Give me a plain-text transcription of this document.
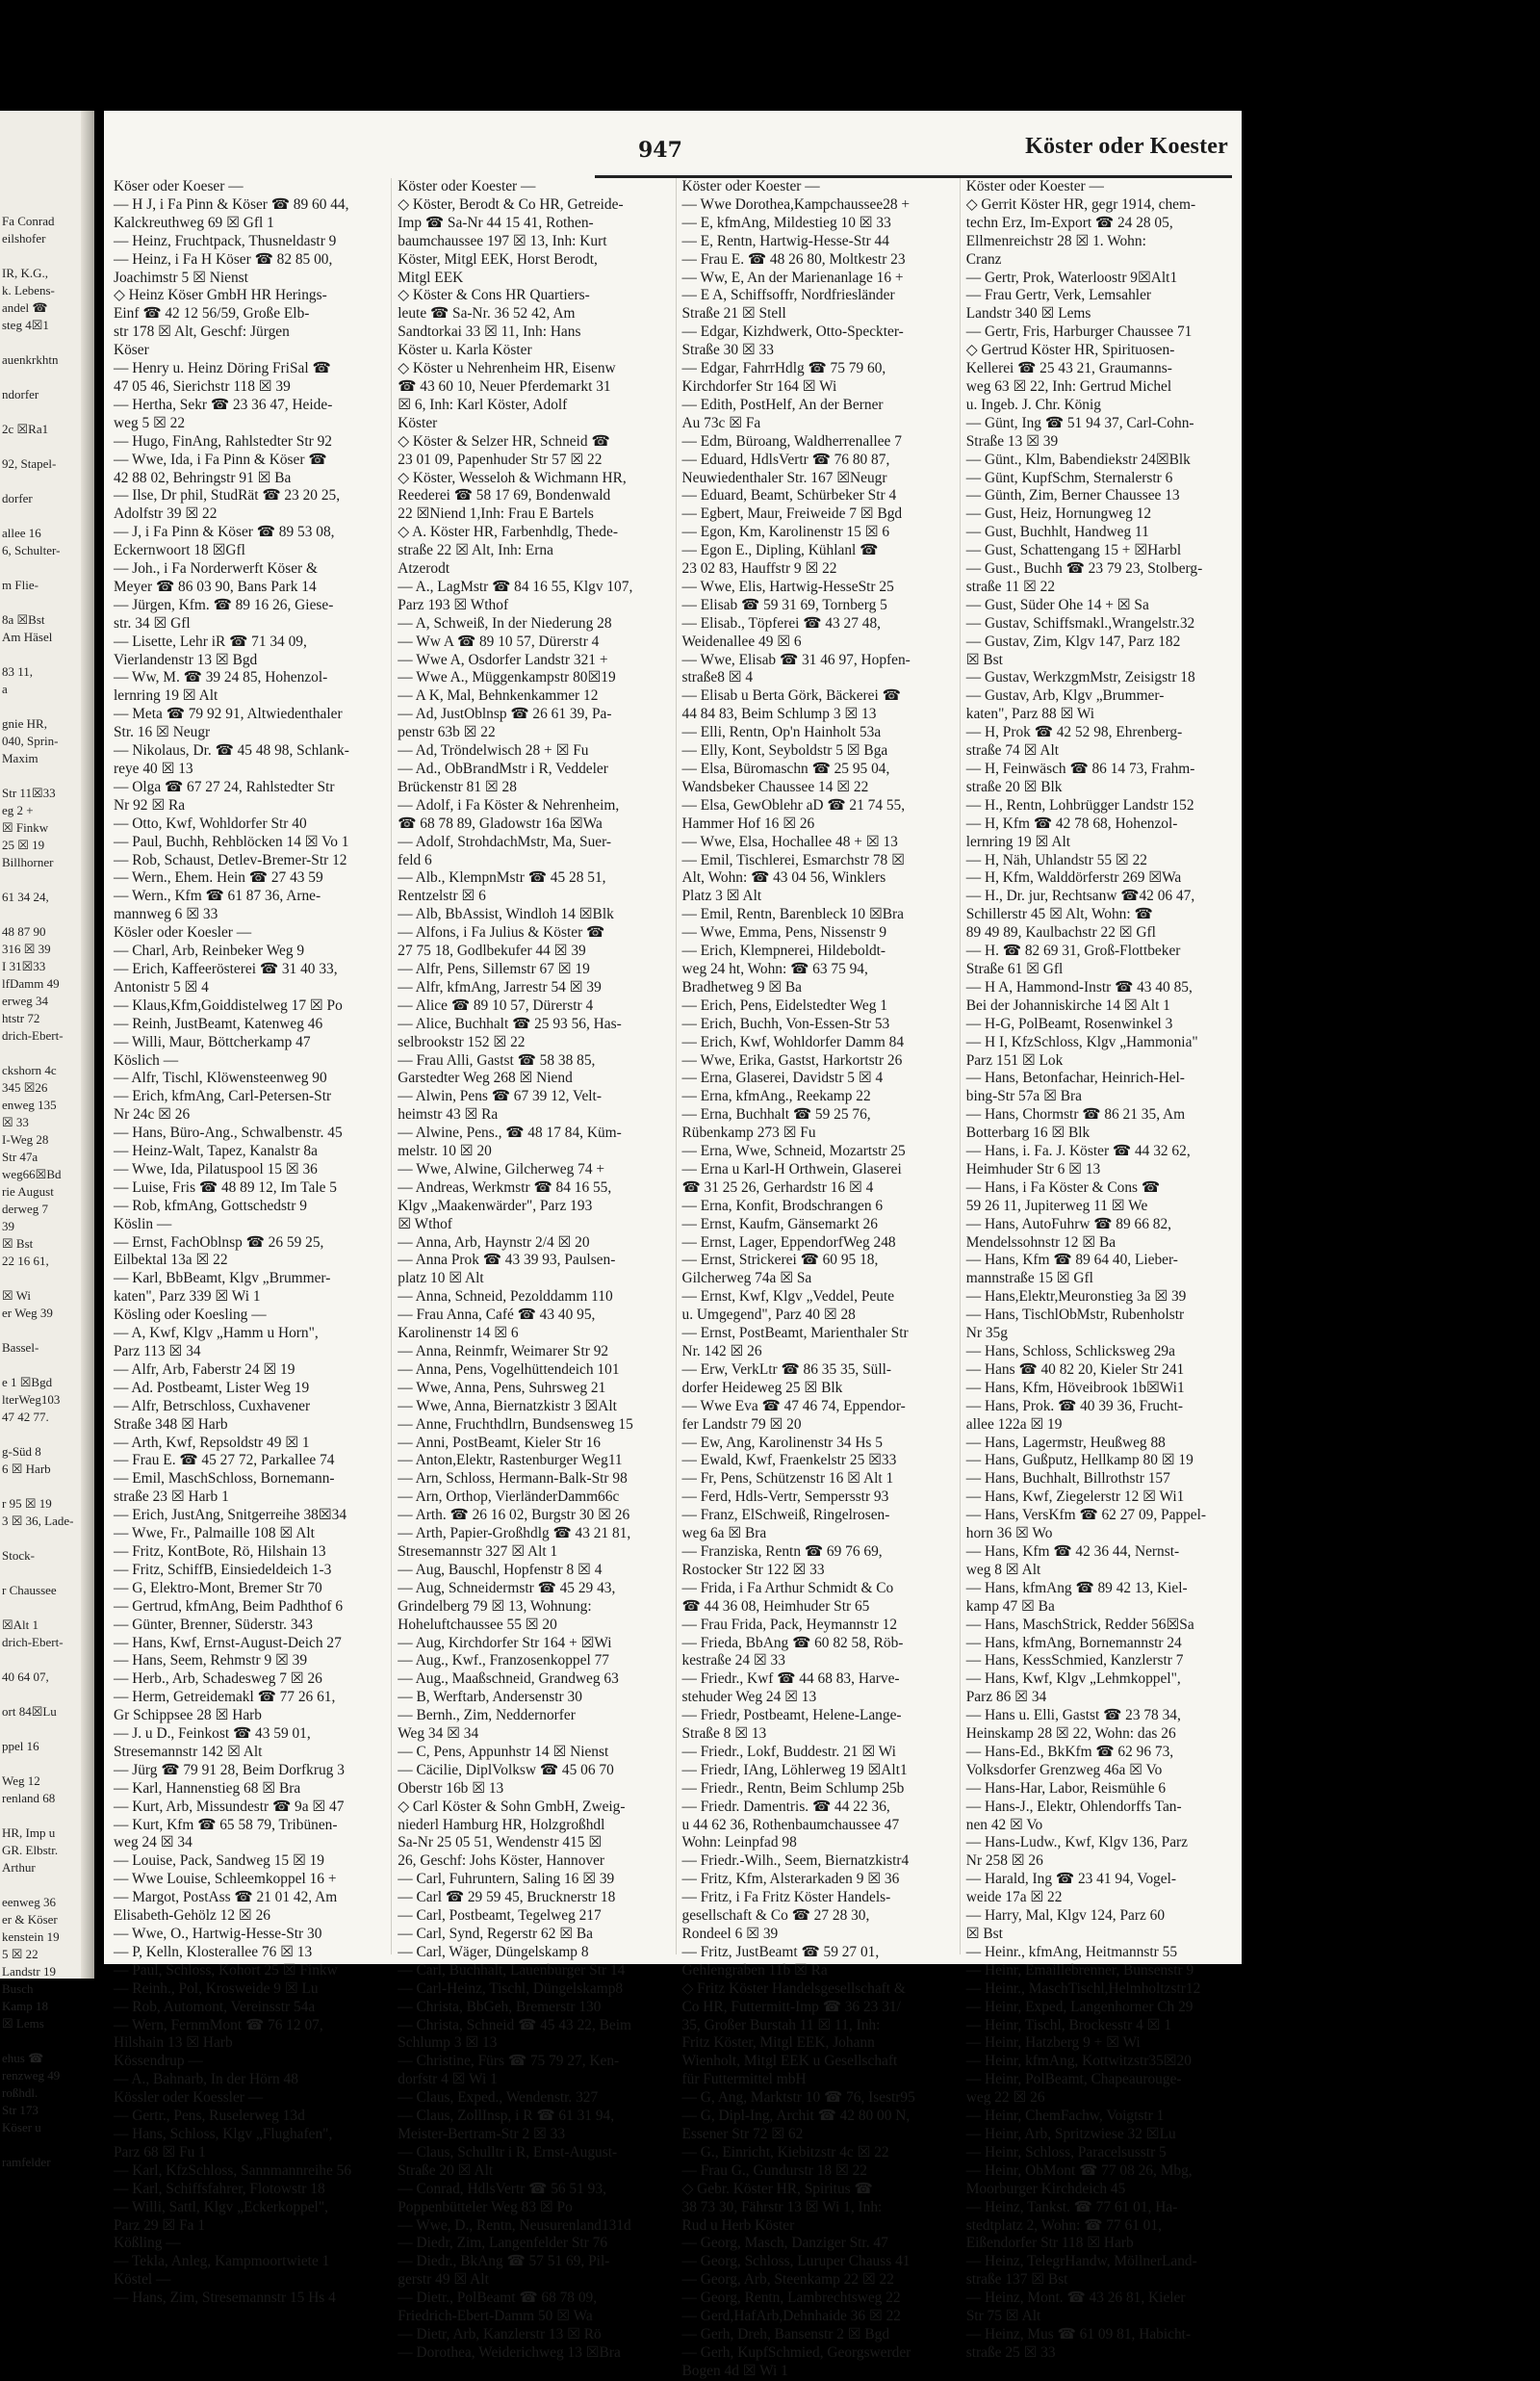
Fa Conrad
eilshofer

IR, K.G.,
k. Lebens-
andel ☎
steg 4☒1

auenkrkhtn

ndorfer

2c ☒Ra1

92, Stapel-

dorfer

allee 16
6, Schulter-

m Flie-

8a ☒Bst
Am Häsel

83 11,
a

gnie HR,
040, Sprin-
Maxim

Str 11☒33
eg 2 +
☒ Finkw
25 ☒ 19
Billhorner

61 34 24,

48 87 90
316 ☒ 39
I 31☒33
lfDamm 49
erweg 34
htstr 72
drich-Ebert-

ckshorn 4c
345 ☒26
enweg 135
☒ 33
I-Weg 28
Str 47a
weg66☒Bd
rie August
derweg 7
39
☒ Bst
22 16 61,

☒ Wi
er Weg 39

Bassel-

e 1 ☒Bgd
lterWeg103
47 42 77.

g-Süd 8
6 ☒ Harb

r 95 ☒ 19
3 ☒ 36, Lade-

Stock-

r Chaussee

☒Alt 1
drich-Ebert-

40 64 07,

ort 84☒Lu

ppel 16

Weg 12
renland 68

HR, Imp u
GR. Elbstr.
Arthur

eenweg 36
er & Köser
kenstein 19
5 ☒ 22
Landstr 19
Busch
Kamp 18
☒ Lems

ehus ☎
renzweg 49
roßhdl.
Str 173
Köser u

ramfelder
947	Köster oder Koester
Köser oder Koeser —
— H J, i Fa Pinn & Köser ☎ 89 60 44,
Kalckreuthweg 69 ☒ Gfl 1
— Heinz, Fruchtpack, Thusneldastr 9
— Heinz, i Fa H Köser ☎ 82 85 00,
Joachimstr 5 ☒ Nienst
◇ Heinz Köser GmbH HR Herings-
Einf ☎ 42 12 56/59, Große Elb-
str 178 ☒ Alt, Geschf: Jürgen
Köser
— Henry u. Heinz Döring FriSal ☎
47 05 46, Sierichstr 118 ☒ 39
— Hertha, Sekr ☎ 23 36 47, Heide-
weg 5 ☒ 22
— Hugo, FinAng, Rahlstedter Str 92
— Wwe, Ida, i Fa Pinn & Köser ☎
42 88 02, Behringstr 91 ☒ Ba
— Ilse, Dr phil, StudRät ☎ 23 20 25,
Adolfstr 39 ☒ 22
— J, i Fa Pinn & Köser ☎ 89 53 08,
Eckernwoort 18 ☒Gfl
— Joh., i Fa Norderwerft Köser &
Meyer ☎ 86 03 90, Bans Park 14
— Jürgen, Kfm. ☎ 89 16 26, Giese-
str. 34 ☒ Gfl
— Lisette, Lehr iR ☎ 71 34 09,
Vierlandenstr 13 ☒ Bgd
— Ww, M. ☎ 39 24 85, Hohenzol-
lernring 19 ☒ Alt
— Meta ☎ 79 92 91, Altwiedenthaler
Str. 16 ☒ Neugr
— Nikolaus, Dr. ☎ 45 48 98, Schlank-
reye 40 ☒ 13
— Olga ☎ 67 27 24, Rahlstedter Str
Nr 92 ☒ Ra
— Otto, Kwf, Wohldorfer Str 40
— Paul, Buchh, Rehblöcken 14 ☒ Vo 1
— Rob, Schaust, Detlev-Bremer-Str 12
— Wern., Ehem. Hein ☎ 27 43 59
— Wern., Kfm ☎ 61 87 36, Arne-
mannweg 6 ☒ 33
Kösler oder Koesler —
— Charl, Arb, Reinbeker Weg 9
— Erich, Kaffeerösterei ☎ 31 40 33,
Antonistr 5 ☒ 4
— Klaus,Kfm,Goiddistelweg 17 ☒ Po
— Reinh, JustBeamt, Katenweg 46
— Willi, Maur, Böttcherkamp 47
Köslich —
— Alfr, Tischl, Klöwensteenweg 90
— Erich, kfmAng, Carl-Petersen-Str
Nr 24c ☒ 26
— Hans, Büro-Ang., Schwalbenstr. 45
— Heinz-Walt, Tapez, Kanalstr 8a
— Wwe, Ida, Pilatuspool 15 ☒ 36
— Luise, Fris ☎ 48 89 12, Im Tale 5
— Rob, kfmAng, Gottschedstr 9
Köslin —
— Ernst, FachOblnsp ☎ 26 59 25,
Eilbektal 13a ☒ 22
— Karl, BbBeamt, Klgv „Brummer-
katen", Parz 339 ☒ Wi 1
Kösling oder Koesling —
— A, Kwf, Klgv „Hamm u Horn",
Parz 113 ☒ 34
— Alfr, Arb, Faberstr 24 ☒ 19
— Ad. Postbeamt, Lister Weg 19
— Alfr, Betrschloss, Cuxhavener
Straße 348 ☒ Harb
— Arth, Kwf, Repsoldstr 49 ☒ 1
— Frau E. ☎ 45 27 72, Parkallee 74
— Emil, MaschSchloss, Bornemann-
straße 23 ☒ Harb 1
— Erich, JustAng, Snitgerreihe 38☒34
— Wwe, Fr., Palmaille 108 ☒ Alt
— Fritz, KontBote, Rö, Hilshain 13
— Fritz, SchiffB, Einsiedeldeich 1-3
— G, Elektro-Mont, Bremer Str 70
— Gertrud, kfmAng, Beim Padhthof 6
— Günter, Brenner, Süderstr. 343
— Hans, Kwf, Ernst-August-Deich 27
— Hans, Seem, Rehmstr 9 ☒ 39
— Herb., Arb, Schadesweg 7 ☒ 26
— Herm, Getreidemakl ☎ 77 26 61,
Gr Schippsee 28 ☒ Harb
— J. u D., Feinkost ☎ 43 59 01,
Stresemannstr 142 ☒ Alt
— Jürg ☎ 79 91 28, Beim Dorfkrug 3
— Karl, Hannenstieg 68 ☒ Bra
— Kurt, Arb, Missundestr ☎ 9a ☒ 47
— Kurt, Kfm ☎ 65 58 79, Tribünen-
weg 24 ☒ 34
— Louise, Pack, Sandweg 15 ☒ 19
— Wwe Louise, Schleemkoppel 16 +
— Margot, PostAss ☎ 21 01 42, Am
Elisabeth-Gehölz 12 ☒ 26
— Wwe, O., Hartwig-Hesse-Str 30
— P, Kelln, Klosterallee 76 ☒ 13
— Paul, Schloss, Kohort 25 ☒ Finkw
— Reinh., Pol, Krosweide 9 ☒ Lu
— Rob, Automont, Vereinsstr 54a
— Wern, FernmMont ☎ 76 12 07,
Hilshain 13 ☒ Harb
Kössendrup —
— A., Bahnarb, In der Hörn 48
Kössler oder Koessler —
— Gertr., Pens, Ruselerweg 13d
— Hans, Schloss, Klgv „Flughafen",
Parz 68 ☒ Fu 1
— Karl, KfzSchloss, Sannmannreihe 56
— Karl, Schiffsfahrer, Flotowstr 18
— Willi, Sattl, Klgv „Eckerkoppel",
Parz 29 ☒ Fa 1
Kößling —
— Tekla, Anleg, Kampmoortwiete 1
Köstel —
— Hans, Zim, Stresemannstr 15 Hs 4
Köster oder Koester —
◇ Köster, Berodt & Co HR, Getreide-
Imp ☎ Sa-Nr 44 15 41, Rothen-
baumchaussee 197 ☒ 13, Inh: Kurt
Köster, Mitgl EEK, Horst Berodt,
Mitgl EEK
◇ Köster & Cons HR Quartiers-
leute ☎ Sa-Nr. 36 52 42, Am
Sandtorkai 33 ☒ 11, Inh: Hans
Köster u. Karla Köster
◇ Köster u Nehrenheim HR, Eisenw
☎ 43 60 10, Neuer Pferdemarkt 31
☒ 6, Inh: Karl Köster, Adolf
Köster
◇ Köster & Selzer HR, Schneid ☎
23 01 09, Papenhuder Str 57 ☒ 22
◇ Köster, Wesseloh & Wichmann HR,
Reederei ☎ 58 17 69, Bondenwald
22 ☒Niend 1,Inh: Frau E Bartels
◇ A. Köster HR, Farbenhdlg, Thede-
straße 22 ☒ Alt, Inh: Erna
Atzerodt
— A., LagMstr ☎ 84 16 55, Klgv 107,
Parz 193 ☒ Wthof
— A, Schweiß, In der Niederung 28
— Ww A ☎ 89 10 57, Dürerstr 4
— Wwe A, Osdorfer Landstr 321 +
— Wwe A., Müggenkampstr 80☒19
— A K, Mal, Behnkenkammer 12
— Ad, JustOblnsp ☎ 26 61 39, Pa-
penstr 63b ☒ 22
— Ad, Tröndelwisch 28 + ☒ Fu
— Ad., ObBrandMstr i R, Veddeler
Brückenstr 81 ☒ 28
— Adolf, i Fa Köster & Nehrenheim,
☎ 68 78 89, Gladowstr 16a ☒Wa
— Adolf, StrohdachMstr, Ma, Suer-
feld 6
— Alb., KlempnMstr ☎ 45 28 51,
Rentzelstr ☒ 6
— Alb, BbAssist, Windloh 14 ☒Blk
— Alfons, i Fa Julius & Köster ☎
27 75 18, Godlbekufer 44 ☒ 39
— Alfr, Pens, Sillemstr 67 ☒ 19
— Alfr, kfmAng, Jarrestr 54 ☒ 39
— Alice ☎ 89 10 57, Dürerstr 4
— Alice, Buchhalt ☎ 25 93 56, Has-
selbrookstr 152 ☒ 22
— Frau Alli, Gastst ☎ 58 38 85,
Garstedter Weg 268 ☒ Niend
— Alwin, Pens ☎ 67 39 12, Velt-
heimstr 43 ☒ Ra
— Alwine, Pens., ☎ 48 17 84, Küm-
melstr. 10 ☒ 20
— Wwe, Alwine, Gilcherweg 74 +
— Andreas, Werkmstr ☎ 84 16 55,
Klgv „Maakenwärder", Parz 193
☒ Wthof
— Anna, Arb, Haynstr 2/4 ☒ 20
— Anna Prok ☎ 43 39 93, Paulsen-
platz 10 ☒ Alt
— Anna, Schneid, Pezolddamm 110
— Frau Anna, Café ☎ 43 40 95,
Karolinenstr 14 ☒ 6
— Anna, Reinmfr, Weimarer Str 92
— Anna, Pens, Vogelhüttendeich 101
— Wwe, Anna, Pens, Suhrsweg 21
— Wwe, Anna, Biernatzkistr 3 ☒Alt
— Anne, Fruchthdlrn, Bundsensweg 15
— Anni, PostBeamt, Kieler Str 16
— Anton,Elektr, Rastenburger Weg11
— Arn, Schloss, Hermann-Balk-Str 98
— Arn, Orthop, VierländerDamm66c
— Arth. ☎ 26 16 02, Burgstr 30 ☒ 26
— Arth, Papier-Großhdlg ☎ 43 21 81,
Stresemannstr 327 ☒ Alt 1
— Aug, Bauschl, Hopfenstr 8 ☒ 4
— Aug, Schneidermstr ☎ 45 29 43,
Grindelberg 79 ☒ 13, Wohnung:
Hoheluftchaussee 55 ☒ 20
— Aug, Kirchdorfer Str 164 + ☒Wi
— Aug., Kwf., Franzosenkoppel 77
— Aug., Maaßschneid, Grandweg 63
— B, Werftarb, Andersenstr 30
— Bernh., Zim, Neddernorfer
Weg 34 ☒ 34
— C, Pens, Appunhstr 14 ☒ Nienst
— Cäcilie, DiplVolksw ☎ 45 06 70
Oberstr 16b ☒ 13
◇ Carl Köster & Sohn GmbH, Zweig-
niederl Hamburg HR, Holzgroßhdl
Sa-Nr 25 05 51, Wendenstr 415 ☒
26, Geschf: Johs Köster, Hannover
— Carl, Fuhruntern, Saling 16 ☒ 39
— Carl ☎ 29 59 45, Brucknerstr 18
— Carl, Postbeamt, Tegelweg 217
— Carl, Synd, Regerstr 62 ☒ Ba
— Carl, Wäger, Düngelskamp 8
— Carl, Buchhalt, Lauenburger Str 14
— Carl-Heinz, Tischl, Düngelskamp8
— Christa, BbGeh, Bremerstr 130
— Christa, Schneid ☎ 45 43 22, Beim
Schlump 3 ☒ 13
— Christine, Fürs ☎ 75 79 27, Ken-
dorfstr 4 ☒ Wi 1
— Claus, Exped., Wendenstr. 327
— Claus, ZollInsp, i R ☎ 61 31 94,
Meister-Bertram-Str 2 ☒ 33
— Claus, Schulltr i R, Ernst-August-
Straße 20 ☒ Alt
— Conrad, HdlsVertr ☎ 56 51 93,
Poppenbütteler Weg 83 ☒ Po
— Wwe, D., Rentn, Neusurenland131d
— Diedr, Zim, Langenfelder Str 76
— Diedr., BkAng ☎ 57 51 69, Pil-
gerstr 49 ☒ Alt
— Dietr., PolBeamt ☎ 68 78 09,
Friedrich-Ebert-Damm 50 ☒ Wa
— Dietr, Arb, Kanzlerstr 13 ☒ Rö
— Dorothea, Weiderichweg 13 ☒Bra
Köster oder Koester —
— Wwe Dorothea,Kampchaussee28 +
— E, kfmAng, Mildestieg 10 ☒ 33
— E, Rentn, Hartwig-Hesse-Str 44
— Frau E. ☎ 48 26 80, Moltkestr 23
— Ww, E, An der Marienanlage 16 +
— E A, Schiffsoffr, Nordfriesländer
Straße 21 ☒ Stell
— Edgar, Kizhdwerk, Otto-Speckter-
Straße 30 ☒ 33
— Edgar, FahrrHdlg ☎ 75 79 60,
Kirchdorfer Str 164 ☒ Wi
— Edith, PostHelf, An der Berner
Au 73c ☒ Fa
— Edm, Büroang, Waldherrenallee 7
— Eduard, HdlsVertr ☎ 76 80 87,
Neuwiedenthaler Str. 167 ☒Neugr
— Eduard, Beamt, Schürbeker Str 4
— Egbert, Maur, Freiweide 7 ☒ Bgd
— Egon, Km, Karolinenstr 15 ☒ 6
— Egon E., Dipling, Kühlanl ☎
23 02 83, Hauffstr 9 ☒ 22
— Wwe, Elis, Hartwig-HesseStr 25
— Elisab ☎ 59 31 69, Tornberg 5
— Elisab., Töpferei ☎ 43 27 48,
Weidenallee 49 ☒ 6
— Wwe, Elisab ☎ 31 46 97, Hopfen-
straße8 ☒ 4
— Elisab u Berta Görk, Bäckerei ☎
44 84 83, Beim Schlump 3 ☒ 13
— Elli, Rentn, Op'n Hainholt 53a
— Elly, Kont, Seyboldstr 5 ☒ Bga
— Elsa, Büromaschn ☎ 25 95 04,
Wandsbeker Chaussee 14 ☒ 22
— Elsa, GewOblehr aD ☎ 21 74 55,
Hammer Hof 16 ☒ 26
— Wwe, Elsa, Hochallee 48 + ☒ 13
— Emil, Tischlerei, Esmarchstr 78 ☒
Alt, Wohn: ☎ 43 04 56, Winklers
Platz 3 ☒ Alt
— Emil, Rentn, Barenbleck 10 ☒Bra
— Wwe, Emma, Pens, Nissenstr 9
— Erich, Klempnerei, Hildeboldt-
weg 24 ht, Wohn: ☎ 63 75 94,
Bradhetweg 9 ☒ Ba
— Erich, Pens, Eidelstedter Weg 1
— Erich, Buchh, Von-Essen-Str 53
— Erich, Kwf, Wohldorfer Damm 84
— Wwe, Erika, Gastst, Harkortstr 26
— Erna, Glaserei, Davidstr 5 ☒ 4
— Erna, kfmAng., Reekamp 22
— Erna, Buchhalt ☎ 59 25 76,
Rübenkamp 273 ☒ Fu
— Erna, Wwe, Schneid, Mozartstr 25
— Erna u Karl-H Orthwein, Glaserei
☎ 31 25 26, Gerhardstr 16 ☒ 4
— Erna, Konfit, Brodschrangen 6
— Ernst, Kaufm, Gänsemarkt 26
— Ernst, Lager, EppendorfWeg 248
— Ernst, Strickerei ☎ 60 95 18,
Gilcherweg 74a ☒ Sa
— Ernst, Kwf, Klgv „Veddel, Peute
u. Umgegend", Parz 40 ☒ 28
— Ernst, PostBeamt, Marienthaler Str
Nr. 142 ☒ 26
— Erw, VerkLtr ☎ 86 35 35, Süll-
dorfer Heideweg 25 ☒ Blk
— Wwe Eva ☎ 47 46 74, Eppendor-
fer Landstr 79 ☒ 20
— Ew, Ang, Karolinenstr 34 Hs 5
— Ewald, Kwf, Fraenkelstr 25 ☒33
— Fr, Pens, Schützenstr 16 ☒ Alt 1
— Ferd, Hdls-Vertr, Sempersstr 93
— Franz, ElSchweiß, Ringelrosen-
weg 6a ☒ Bra
— Franziska, Rentn ☎ 69 76 69,
Rostocker Str 122 ☒ 33
— Frida, i Fa Arthur Schmidt & Co
☎ 44 36 08, Heimhuder Str 65
— Frau Frida, Pack, Heymannstr 12
— Frieda, BbAng ☎ 60 82 58, Röb-
kestraße 24 ☒ 33
— Friedr., Kwf ☎ 44 68 83, Harve-
stehuder Weg 24 ☒ 13
— Friedr, Postbeamt, Helene-Lange-
Straße 8 ☒ 13
— Friedr., Lokf, Buddestr. 21 ☒ Wi
— Friedr, IAng, Löhlerweg 19 ☒Alt1
— Friedr., Rentn, Beim Schlump 25b
— Friedr. Damentris. ☎ 44 22 36,
u 44 62 36, Rothenbaumchaussee 47
Wohn: Leinpfad 98
— Friedr.-Wilh., Seem, Biernatzkistr4
— Fritz, Kfm, Alsterarkaden 9 ☒ 36
— Fritz, i Fa Fritz Köster Handels-
gesellschaft & Co ☎ 27 28 30,
Rondeel 6 ☒ 39
— Fritz, JustBeamt ☎ 59 27 01,
Gehlengraben 11b ☒ Ra
◇ Fritz Köster Handelsgesellschaft &
Co HR, Futtermitt-Imp ☎ 36 23 31/
35, Großer Burstah 11 ☒ 11, Inh:
Fritz Köster, Mitgl EEK, Johann
Wienholt, Mitgl EEK u Gesellschaft
für Futtermittel mbH
— G, Ang, Marktstr 10 ☎ 76, Isestr95
— G, Dipl-Ing, Archit ☎ 42 80 00 N,
Essener Str 72 ☒ 62
— G., Einricht, Kiebitzstr 4c ☒ 22
— Frau G., Gundurstr 18 ☒ 22
◇ Gebr. Köster HR, Spiritus ☎
38 73 30, Fährstr 13 ☒ Wi 1, Inh:
Rud u Herb Köster
— Georg, Masch, Danziger Str. 47
— Georg, Schloss, Luruper Chauss 41
— Georg, Arb, Steenkamp 22 ☒ 22
— Georg, Rentn, Lambrechtsweg 22
— Gerd,HafArb,Dehnhaide 36 ☒ 22
— Gerh, Dreh, Bansenstr 2 ☒ Bgd
— Gerh, KupfSchmied, Georgswerder
Bogen 4d ☒ Wi 1
Köster oder Koester —
◇ Gerrit Köster HR, gegr 1914, chem-
techn Erz, Im-Export ☎ 24 28 05,
Ellmenreichstr 28 ☒ 1. Wohn:
Cranz
— Gertr, Prok, Waterloostr 9☒Alt1
— Frau Gertr, Verk, Lemsahler
Landstr 340 ☒ Lems
— Gertr, Fris, Harburger Chaussee 71
◇ Gertrud Köster HR, Spirituosen-
Kellerei ☎ 25 43 21, Graumanns-
weg 63 ☒ 22, Inh: Gertrud Michel
u. Ingeb. J. Chr. König
— Günt, Ing ☎ 51 94 37, Carl-Cohn-
Straße 13 ☒ 39
— Günt., Klm, Babendiekstr 24☒Blk
— Günt, KupfSchm, Sternalerstr 6
— Günth, Zim, Berner Chaussee 13
— Gust, Heiz, Hornungweg 12
— Gust, Buchhlt, Handweg 11
— Gust, Schattengang 15 + ☒Harbl
— Gust., Buchh ☎ 23 79 23, Stolberg-
straße 11 ☒ 22
— Gust, Süder Ohe 14 + ☒ Sa
— Gustav, Schiffsmakl.,Wrangelstr.32
— Gustav, Zim, Klgv 147, Parz 182
☒ Bst
— Gustav, WerkzgmMstr, Zeisigstr 18
— Gustav, Arb, Klgv „Brummer-
katen", Parz 88 ☒ Wi
— H, Prok ☎ 42 52 98, Ehrenberg-
straße 74 ☒ Alt
— H, Feinwäsch ☎ 86 14 73, Frahm-
straße 20 ☒ Blk
— H., Rentn, Lohbrügger Landstr 152
— H, Kfm ☎ 42 78 68, Hohenzol-
lernring 19 ☒ Alt
— H, Näh, Uhlandstr 55 ☒ 22
— H, Kfm, Walddörferstr 269 ☒Wa
— H., Dr. jur, Rechtsanw ☎42 06 47,
Schillerstr 45 ☒ Alt, Wohn: ☎
89 49 89, Kaulbachstr 22 ☒ Gfl
— H. ☎ 82 69 31, Groß-Flottbeker
Straße 61 ☒ Gfl
— H A, Hammond-Instr ☎ 43 40 85,
Bei der Johanniskirche 14 ☒ Alt 1
— H-G, PolBeamt, Rosenwinkel 3
— H I, KfzSchloss, Klgv „Hammonia"
Parz 151 ☒ Lok
— Hans, Betonfachar, Heinrich-Hel-
bing-Str 57a ☒ Bra
— Hans, Chormstr ☎ 86 21 35, Am
Botterbarg 16 ☒ Blk
— Hans, i. Fa. J. Köster ☎ 44 32 62,
Heimhuder Str 6 ☒ 13
— Hans, i Fa Köster & Cons ☎
59 26 11, Jupiterweg 11 ☒ We
— Hans, AutoFuhrw ☎ 89 66 82,
Mendelssohnstr 12 ☒ Ba
— Hans, Kfm ☎ 89 64 40, Lieber-
mannstraße 15 ☒ Gfl
— Hans,Elektr,Meuronstieg 3a ☒ 39
— Hans, TischlObMstr, Rubenholstr
Nr 35g
— Hans, Schloss, Schlicksweg 29a
— Hans ☎ 40 82 20, Kieler Str 241
— Hans, Kfm, Höveibrook 1b☒Wi1
— Hans, Prok. ☎ 40 39 36, Frucht-
allee 122a ☒ 19
— Hans, Lagermstr, Heußweg 88
— Hans, Gußputz, Hellkamp 80 ☒ 19
— Hans, Buchhalt, Billrothstr 157
— Hans, Kwf, Ziegelerstr 12 ☒ Wi1
— Hans, VersKfm ☎ 62 27 09, Pappel-
horn 36 ☒ Wo
— Hans, Kfm ☎ 42 36 44, Nernst-
weg 8 ☒ Alt
— Hans, kfmAng ☎ 89 42 13, Kiel-
kamp 47 ☒ Ba
— Hans, MaschStrick, Redder 56☒Sa
— Hans, kfmAng, Bornemannstr 24
— Hans, KessSchmied, Kanzlerstr 7
— Hans, Kwf, Klgv „Lehmkoppel",
Parz 86 ☒ 34
— Hans u. Elli, Gastst ☎ 23 78 34,
Heinskamp 28 ☒ 22, Wohn: das 26
— Hans-Ed., BkKfm ☎ 62 96 73,
Volksdorfer Grenzweg 46a ☒ Vo
— Hans-Har, Labor, Reismühle 6
— Hans-J., Elektr, Ohlendorffs Tan-
nen 42 ☒ Vo
— Hans-Ludw., Kwf, Klgv 136, Parz
Nr 258 ☒ 26
— Harald, Ing ☎ 23 41 94, Vogel-
weide 17a ☒ 22
— Harry, Mal, Klgv 124, Parz 60
☒ Bst
— Heinr., kfmAng, Heitmannstr 55
— Heinr, Emaillebrenner, Bunsenstr 9
— Heinr., MaschTischl,Helmholtzstr12
— Heinr, Exped, Langenhorner Ch 29
— Heinr, Tischl, Brockesstr 4 ☒ 1
— Heinr, Hatzberg 9 + ☒ Wi
— Heinr, kfmAng, Kottwitzstr35☒20
— Heinr, PolBeamt, Chapeaurouge-
weg 22 ☒ 26
— Heinr, ChemFachw, Voigtstr 1
— Heinr, Arb, Spritzwiese 32 ☒Lu
— Heinr, Schloss, Paracelsusstr 5
— Heinr, ObMont ☎ 77 08 26, Mbg,
Moorburger Kirchdeich 45
— Heinz, Tankst. ☎ 77 61 01, Ha-
stedtplatz 2, Wohn: ☎ 77 61 01,
Eißendorfer Str 118 ☒ Harb
— Heinz, TelegrHandw, MöllnerLand-
straße 137 ☒ Bst
— Heinz, Mont. ☎ 43 26 81, Kieler
Str 75 ☒ Alt
— Heinz, Mus ☎ 61 09 81, Habicht-
straße 25 ☒ 33
